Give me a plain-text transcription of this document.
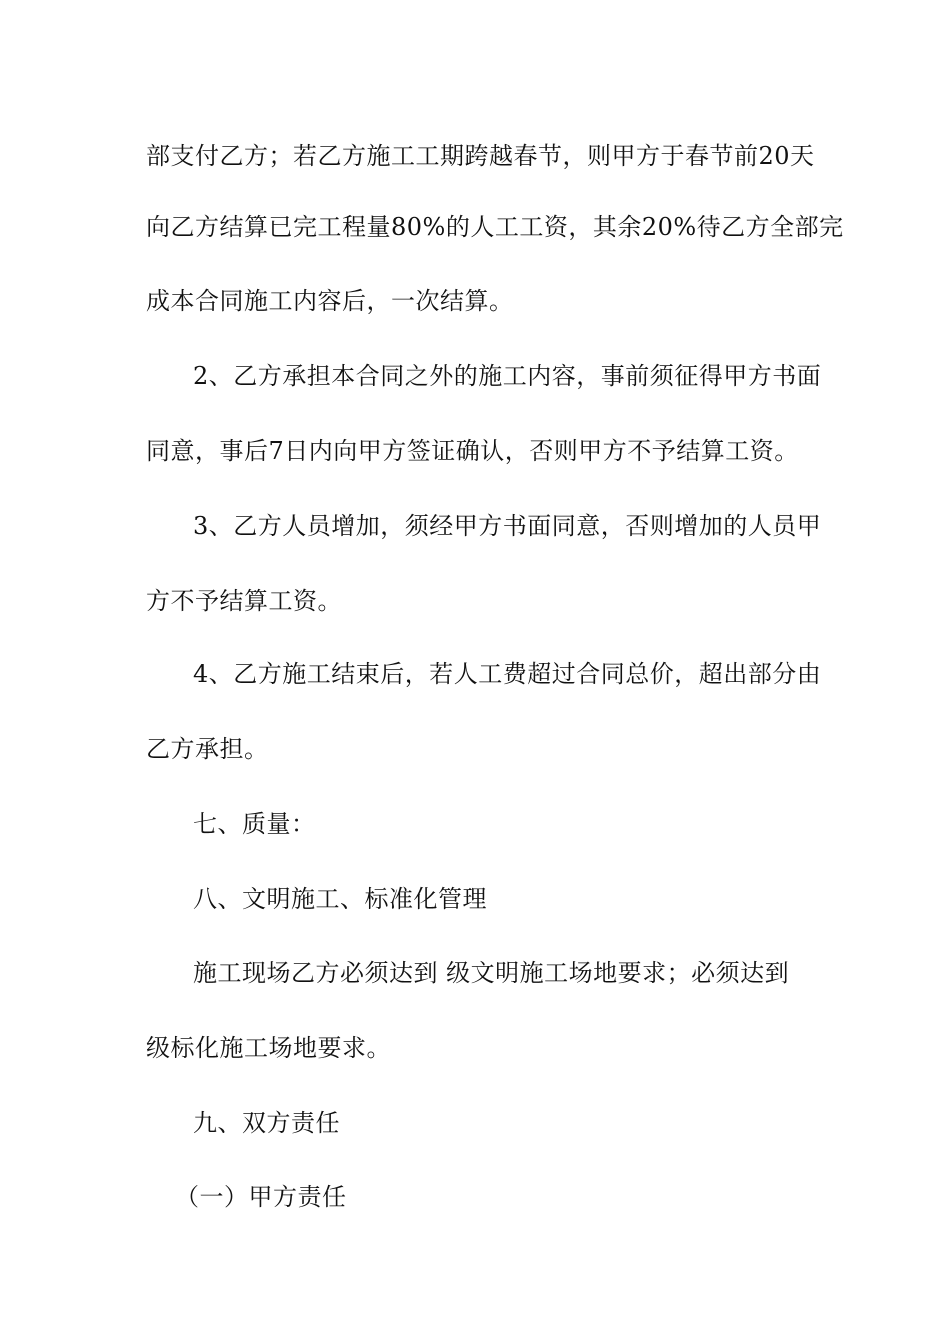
部支付乙方；若乙方施工工期跨越春节，则甲方于春节前20天
向乙方结算已完工程量80%的人工工资，其余20%待乙方全部完
成本合同施工内容后，一次结算。
2、乙方承担本合同之外的施工内容，事前须征得甲方书面
同意，事后7日内向甲方签证确认，否则甲方不予结算工资。
3、乙方人员增加，须经甲方书面同意，否则增加的人员甲
方不予结算工资。
4、乙方施工结束后，若人工费超过合同总价，超出部分由
乙方承担。
七、质量：
八、文明施工、标准化管理
施工现场乙方必须达到 级文明施工场地要求；必须达到
级标化施工场地要求。
九、双方责任
（一）甲方责任
